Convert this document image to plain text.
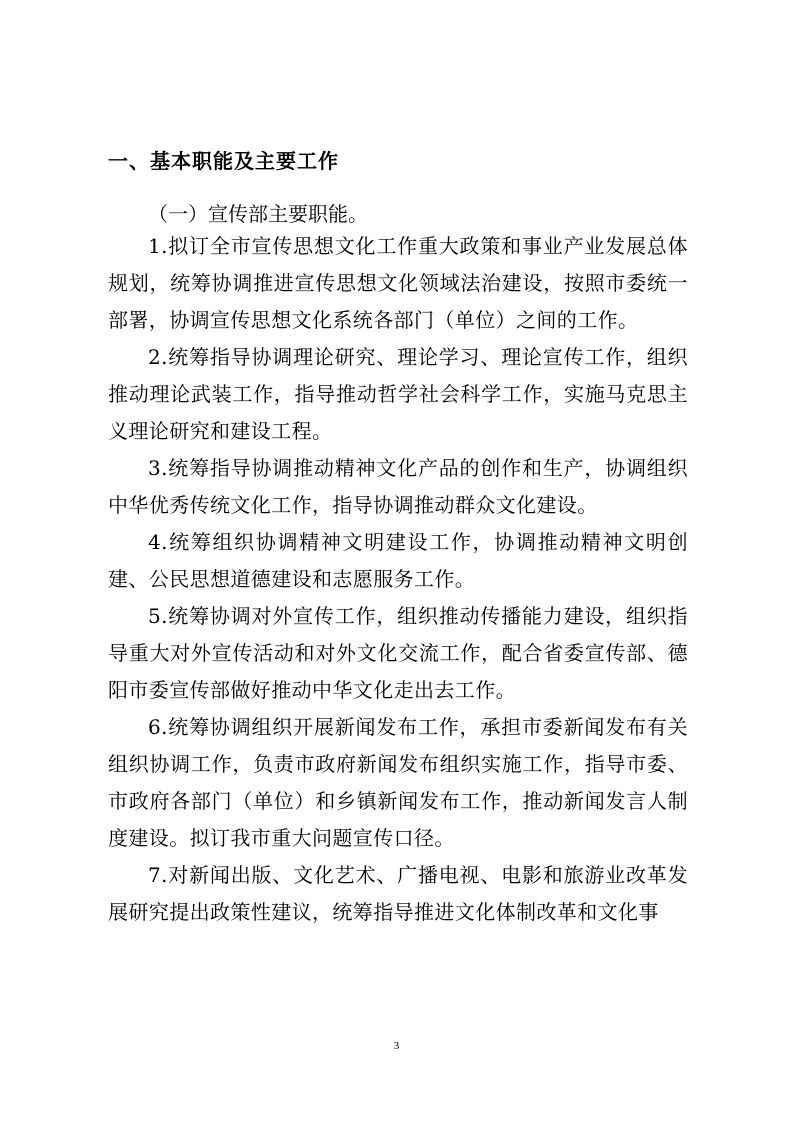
一、基本职能及主要工作
（一）宣传部主要职能。

1.拟订全市宣传思想文化工作重大政策和事业产业发展总体规划，统筹协调推进宣传思想文化领域法治建设，按照市委统一部署，协调宣传思想文化系统各部门（单位）之间的工作。

2.统筹指导协调理论研究、理论学习、理论宣传工作，组织推动理论武装工作，指导推动哲学社会科学工作，实施马克思主义理论研究和建设工程。

3.统筹指导协调推动精神文化产品的创作和生产，协调组织中华优秀传统文化工作，指导协调推动群众文化建设。

4.统筹组织协调精神文明建设工作，协调推动精神文明创建、公民思想道德建设和志愿服务工作。

5.统筹协调对外宣传工作，组织推动传播能力建设，组织指导重大对外宣传活动和对外文化交流工作，配合省委宣传部、德阳市委宣传部做好推动中华文化走出去工作。

6.统筹协调组织开展新闻发布工作，承担市委新闻发布有关组织协调工作，负责市政府新闻发布组织实施工作，指导市委、市政府各部门（单位）和乡镇新闻发布工作，推动新闻发言人制度建设。拟订我市重大问题宣传口径。

7.对新闻出版、文化艺术、广播电视、电影和旅游业改革发展研究提出政策性建议，统筹指导推进文化体制改革和文化事

3
